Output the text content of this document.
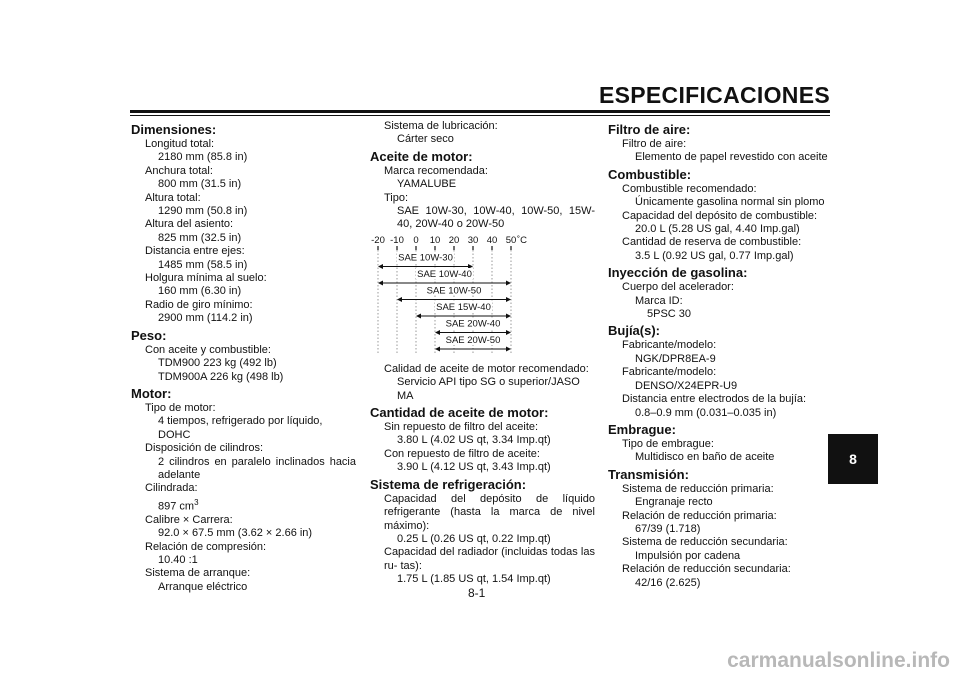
ESPECIFICACIONES
8
8-1
Dimensiones:
Longitud total:
2180 mm (85.8 in)
Anchura total:
800 mm (31.5 in)
Altura total:
1290 mm (50.8 in)
Altura del asiento:
825 mm (32.5 in)
Distancia entre ejes:
1485 mm (58.5 in)
Holgura mínima al suelo:
160 mm (6.30 in)
Radio de giro mínimo:
2900 mm (114.2 in)
Peso:
Con aceite y combustible:
TDM900 223 kg (492 lb)
TDM900A 226 kg (498 lb)
Motor:
Tipo de motor:
4 tiempos, refrigerado por líquido, DOHC
Disposición de cilindros:
2 cilindros en paralelo inclinados hacia adelante
Cilindrada:
897 $cm^3$
Calibre × Carrera:
92.0 × 67.5 mm (3.62 × 2.66 in)
Relación de compresión:
10.40 :1
Sistema de arranque:
Arranque eléctrico
Sistema de lubricación:
Cárter seco
Aceite de motor:
Marca recomendada:
YAMALUBE
Tipo:
SAE 10W-30, 10W-40, 10W-50, 15W-40, 20W-40 o 20W-50
-20 -10 0 10 20 30 40 50 ˚C
SAE 10W-30
SAE 10W-40
SAE 10W-50
SAE 15W-40
SAE 20W-40
SAE 20W-50
Calidad de aceite de motor recomendado:
Servicio API tipo SG o superior/JASO MA
Cantidad de aceite de motor:
Sin repuesto de filtro del aceite:
3.80 L (4.02 US qt, 3.34 Imp.qt)
Con repuesto de filtro de aceite:
3.90 L (4.12 US qt, 3.43 Imp.qt)
Sistema de refrigeración:
Capacidad del depósito de líquido refrigerante (hasta la marca de nivel máximo):
0.25 L (0.26 US qt, 0.22 Imp.qt)
Capacidad del radiador (incluidas todas las ru- tas):
1.75 L (1.85 US qt, 1.54 Imp.qt)
Filtro de aire:
Filtro de aire:
Elemento de papel revestido con aceite
Combustible:
Combustible recomendado:
Únicamente gasolina normal sin plomo
Capacidad del depósito de combustible:
20.0 L (5.28 US gal, 4.40 Imp.gal)
Cantidad de reserva de combustible:
3.5 L (0.92 US gal, 0.77 Imp.gal)
Inyección de gasolina:
Cuerpo del acelerador:
Marca ID:
5PSC 30
Bujía(s):
Fabricante/modelo:
NGK/DPR8EA-9
Fabricante/modelo:
DENSO/X24EPR-U9
Distancia entre electrodos de la bujía:
0.8–0.9 mm (0.031–0.035 in)
Embrague:
Tipo de embrague:
Multidisco en baño de aceite
Transmisión:
Sistema de reducción primaria:
Engranaje recto
Relación de reducción primaria:
67/39 (1.718)
Sistema de reducción secundaria:
Impulsión por cadena
Relación de reducción secundaria:
42/16 (2.625)
carmanualsonline.info
